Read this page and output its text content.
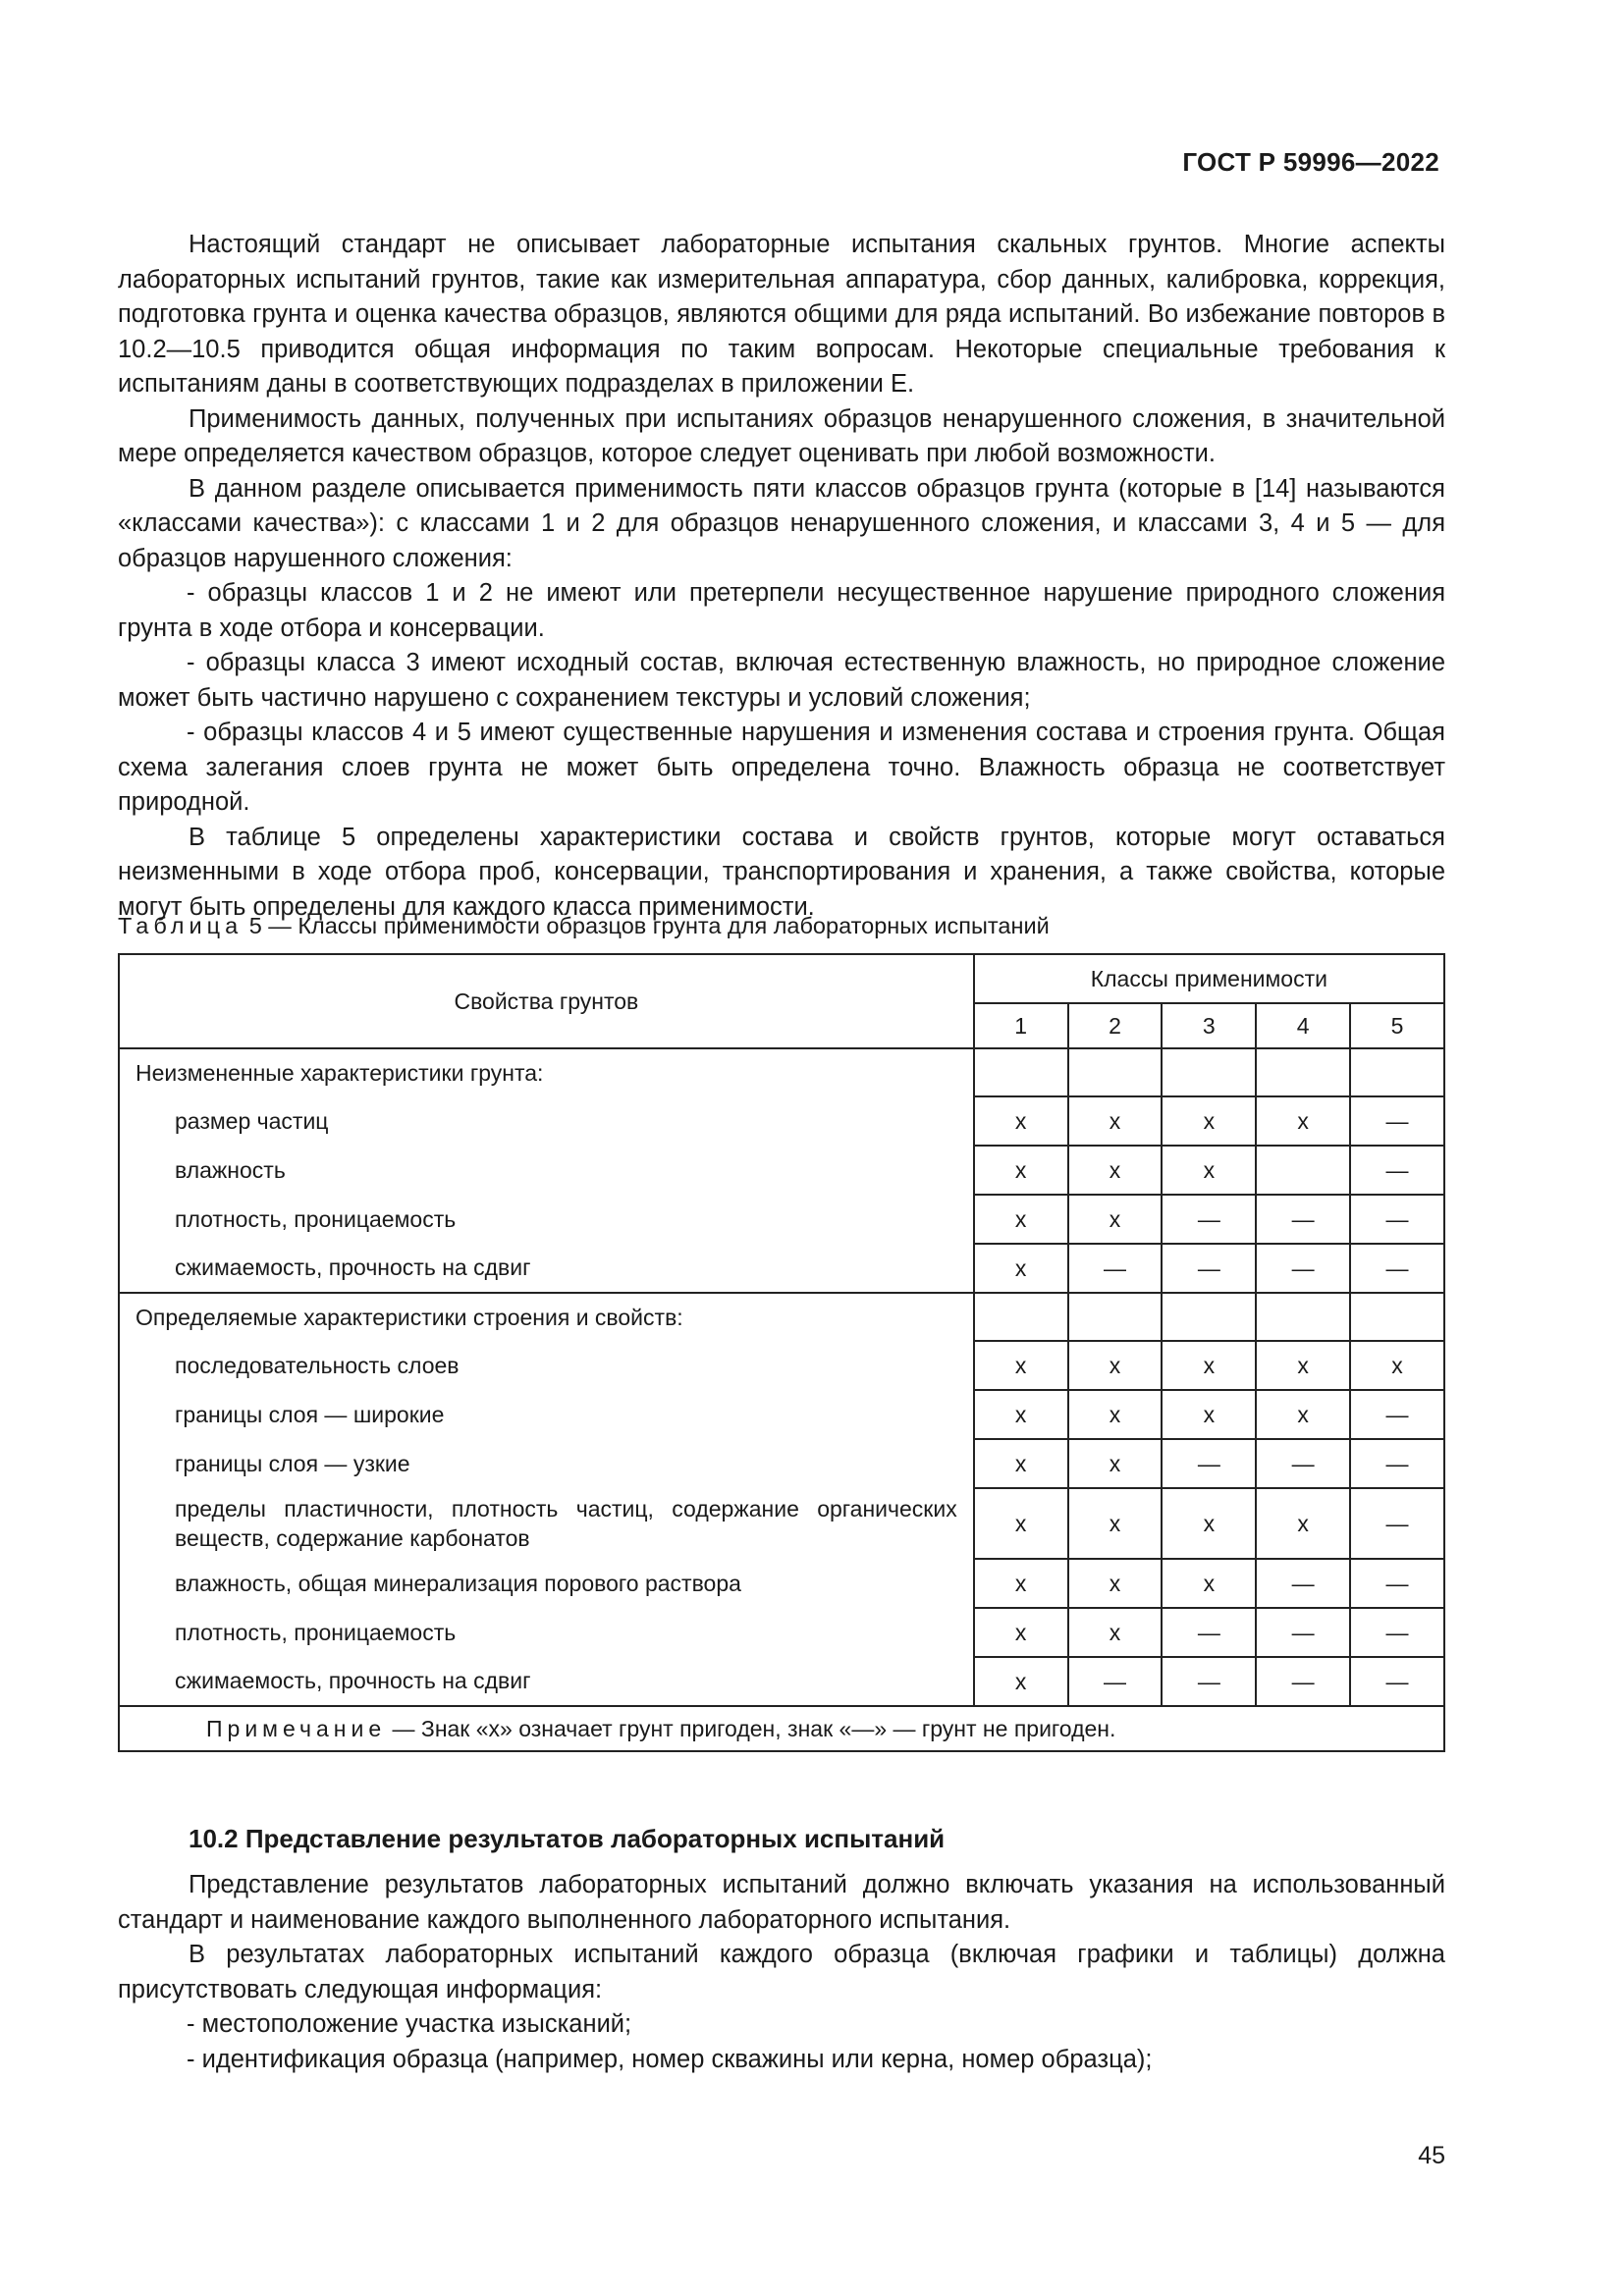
ГОСТ Р 59996—2022

Настоящий стандарт не описывает лабораторные испытания скальных грунтов. Многие аспекты лабораторных испытаний грунтов, такие как измерительная аппаратура, сбор данных, калибровка, коррекция, подготовка грунта и оценка качества образцов, являются общими для ряда испытаний. Во избежание повторов в 10.2—10.5 приводится общая информация по таким вопросам. Некоторые специальные требования к испытаниям даны в соответствующих подразделах в приложении Е.

Применимость данных, полученных при испытаниях образцов ненарушенного сложения, в значительной мере определяется качеством образцов, которое следует оценивать при любой возможности.

В данном разделе описывается применимость пяти классов образцов грунта (которые в [14] называются «классами качества»): с классами 1 и 2 для образцов ненарушенного сложения, и классами 3, 4 и 5 — для образцов нарушенного сложения:

- образцы классов 1 и 2 не имеют или претерпели несущественное нарушение природного сложения грунта в ходе отбора и консервации.

- образцы класса 3 имеют исходный состав, включая естественную влажность, но природное сложение может быть частично нарушено с сохранением текстуры и условий сложения;

- образцы классов 4 и 5 имеют существенные нарушения и изменения состава и строения грунта. Общая схема залегания слоев грунта не может быть определена точно. Влажность образца не соответствует природной.

В таблице 5 определены характеристики состава и свойств грунтов, которые могут оставаться неизменными в ходе отбора проб, консервации, транспортирования и хранения, а также свойства, которые могут быть определены для каждого класса применимости.

Таблица 5 — Классы применимости образцов грунта для лабораторных испытаний
Свойства грунтов	Классы применимости				
	1	2	3	4	5
Неизмененные характеристики грунта:					
размер частиц	x	x	x	x	—
влажность	x	x	x		—
плотность, проницаемость	x	x	—	—	—
сжимаемость, прочность на сдвиг	x	—	—	—	—
Определяемые характеристики строения и свойств:					
последовательность слоев	x	x	x	x	x
границы слоя — широкие	x	x	x	x	—
границы слоя — узкие	x	x	—	—	—
пределы пластичности, плотность частиц, содержание органических веществ, содержание карбонатов	x	x	x	x	—
влажность, общая минерализация порового раствора	x	x	x	—	—
плотность, проницаемость	x	x	—	—	—
сжимаемость, прочность на сдвиг	x	—	—	—	—
Примечание — Знак «x» означает грунт пригоден, знак «—» — грунт не пригоден.					
10.2 Представление результатов лабораторных испытаний

Представление результатов лабораторных испытаний должно включать указания на использованный стандарт и наименование каждого выполненного лабораторного испытания.

В результатах лабораторных испытаний каждого образца (включая графики и таблицы) должна присутствовать следующая информация:

- местоположение участка изысканий;

- идентификация образца (например, номер скважины или керна, номер образца);

45
